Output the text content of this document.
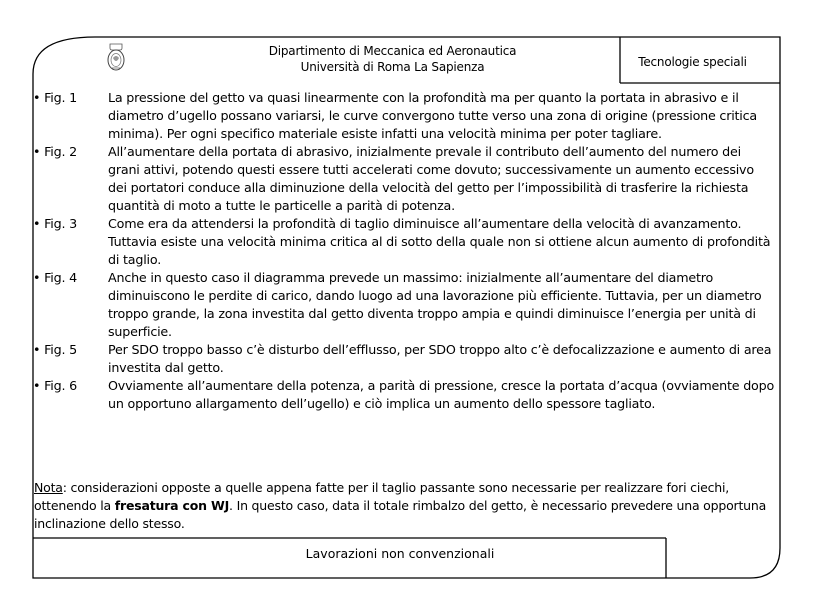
Dipartimento di Meccanica ed Aeronautica
Università di Roma La Sapienza	Tecnologie speciali
• Fig. 1	La pressione del getto va quasi linearmente con la profondità ma per quanto la portata in abrasivo e il diametro d’ugello possano variarsi, le curve convergono tutte verso una zona di origine (pressione critica minima). Per ogni specifico materiale esiste infatti una velocità minima per poter tagliare.
• Fig. 2	All’aumentare della portata di abrasivo, inizialmente prevale il contributo dell’aumento del numero dei grani attivi, potendo questi essere tutti accelerati come dovuto; successivamente un aumento eccessivo dei portatori conduce alla diminuzione della velocità del getto per l’impossibilità di trasferire la richiesta quantità di moto a tutte le particelle a parità di potenza.
• Fig. 3	Come era da attendersi la profondità di taglio diminuisce all’aumentare della velocità di avanzamento. Tuttavia esiste una velocità minima critica al di sotto della quale non si ottiene alcun aumento di profondità di taglio.
• Fig. 4	Anche in questo caso il diagramma prevede un massimo: inizialmente all’aumentare del diametro diminuiscono le perdite di carico, dando luogo ad una lavorazione più efficiente. Tuttavia, per un diametro troppo grande, la zona investita dal getto diventa troppo ampia e quindi diminuisce l’energia per unità di superficie.
• Fig. 5	Per SDO troppo basso c’è disturbo dell’efflusso, per SDO troppo alto c’è defocalizzazione e aumento di area investita dal getto.
• Fig. 6	Ovviamente all’aumentare della potenza, a parità di pressione, cresce la portata d’acqua (ovviamente dopo un opportuno allargamento dell’ugello) e ciò implica un aumento dello spessore tagliato.
Nota: considerazioni opposte a quelle appena fatte per il taglio passante sono necessarie per realizzare fori ciechi, ottenendo la fresatura con WJ. In questo caso, data il totale rimbalzo del getto, è necessario prevedere una opportuna inclinazione dello stesso.
Lavorazioni non convenzionali
